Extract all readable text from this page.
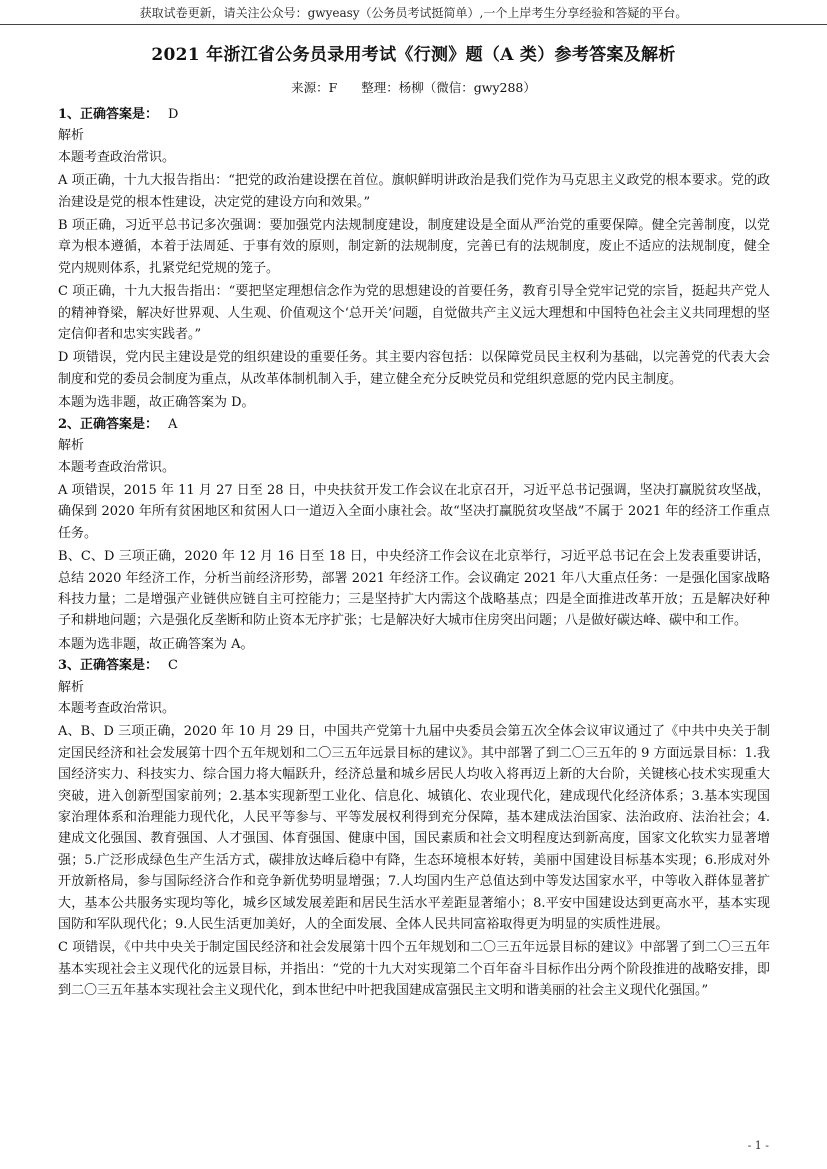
获取试卷更新，请关注公众号：gwyeasy（公务员考试挺简单）,一个上岸考生分享经验和答疑的平台。
2021 年浙江省公务员录用考试《行测》题（A 类）参考答案及解析
来源：F 整理：杨柳（微信：gwy288）

1、正确答案是： D

解析

本题考查政治常识。

A 项正确，十九大报告指出：“把党的政治建设摆在首位。旗帜鲜明讲政治是我们党作为马克思主义政党的根本要求。党的政治建设是党的根本性建设，决定党的建设方向和效果。”

B 项正确，习近平总书记多次强调：要加强党内法规制度建设，制度建设是全面从严治党的重要保障。健全完善制度，以党章为根本遵循，本着于法周延、于事有效的原则，制定新的法规制度，完善已有的法规制度，废止不适应的法规制度，健全党内规则体系，扎紧党纪党规的笼子。

C 项正确，十九大报告指出：“要把坚定理想信念作为党的思想建设的首要任务，教育引导全党牢记党的宗旨，挺起共产党人的精神脊梁，解决好世界观、人生观、价值观这个‘总开关’问题，自觉做共产主义远大理想和中国特色社会主义共同理想的坚定信仰者和忠实实践者。”

D 项错误，党内民主建设是党的组织建设的重要任务。其主要内容包括：以保障党员民主权利为基础，以完善党的代表大会制度和党的委员会制度为重点，从改革体制机制入手，建立健全充分反映党员和党组织意愿的党内民主制度。

本题为选非题，故正确答案为 D。

2、正确答案是： A

解析

本题考查政治常识。

A 项错误，2015 年 11 月 27 日至 28 日，中央扶贫开发工作会议在北京召开，习近平总书记强调，坚决打赢脱贫攻坚战，确保到 2020 年所有贫困地区和贫困人口一道迈入全面小康社会。故“坚决打赢脱贫攻坚战”不属于 2021 年的经济工作重点任务。

B、C、D 三项正确，2020 年 12 月 16 日至 18 日，中央经济工作会议在北京举行，习近平总书记在会上发表重要讲话，总结 2020 年经济工作，分析当前经济形势，部署 2021 年经济工作。会议确定 2021 年八大重点任务：一是强化国家战略科技力量；二是增强产业链供应链自主可控能力；三是坚持扩大内需这个战略基点；四是全面推进改革开放；五是解决好种子和耕地问题；六是强化反垄断和防止资本无序扩张；七是解决好大城市住房突出问题；八是做好碳达峰、碳中和工作。

本题为选非题，故正确答案为 A。

3、正确答案是： C

解析

本题考查政治常识。

A、B、D 三项正确，2020 年 10 月 29 日，中国共产党第十九届中央委员会第五次全体会议审议通过了《中共中央关于制定国民经济和社会发展第十四个五年规划和二〇三五年远景目标的建议》。其中部署了到二〇三五年的 9 方面远景目标：1.我国经济实力、科技实力、综合国力将大幅跃升，经济总量和城乡居民人均收入将再迈上新的大台阶，关键核心技术实现重大突破，进入创新型国家前列；2.基本实现新型工业化、信息化、城镇化、农业现代化，建成现代化经济体系；3.基本实现国家治理体系和治理能力现代化，人民平等参与、平等发展权利得到充分保障，基本建成法治国家、法治政府、法治社会；4.建成文化强国、教育强国、人才强国、体育强国、健康中国，国民素质和社会文明程度达到新高度，国家文化软实力显著增强；5.广泛形成绿色生产生活方式，碳排放达峰后稳中有降，生态环境根本好转，美丽中国建设目标基本实现；6.形成对外开放新格局，参与国际经济合作和竞争新优势明显增强；7.人均国内生产总值达到中等发达国家水平，中等收入群体显著扩大，基本公共服务实现均等化，城乡区域发展差距和居民生活水平差距显著缩小；8.平安中国建设达到更高水平，基本实现国防和军队现代化；9.人民生活更加美好，人的全面发展、全体人民共同富裕取得更为明显的实质性进展。

C 项错误，《中共中央关于制定国民经济和社会发展第十四个五年规划和二〇三五年远景目标的建议》中部署了到二〇三五年基本实现社会主义现代化的远景目标，并指出：“党的十九大对实现第二个百年奋斗目标作出分两个阶段推进的战略安排，即到二〇三五年基本实现社会主义现代化，到本世纪中叶把我国建成富强民主文明和谐美丽的社会主义现代化强国。”

- 1 -
